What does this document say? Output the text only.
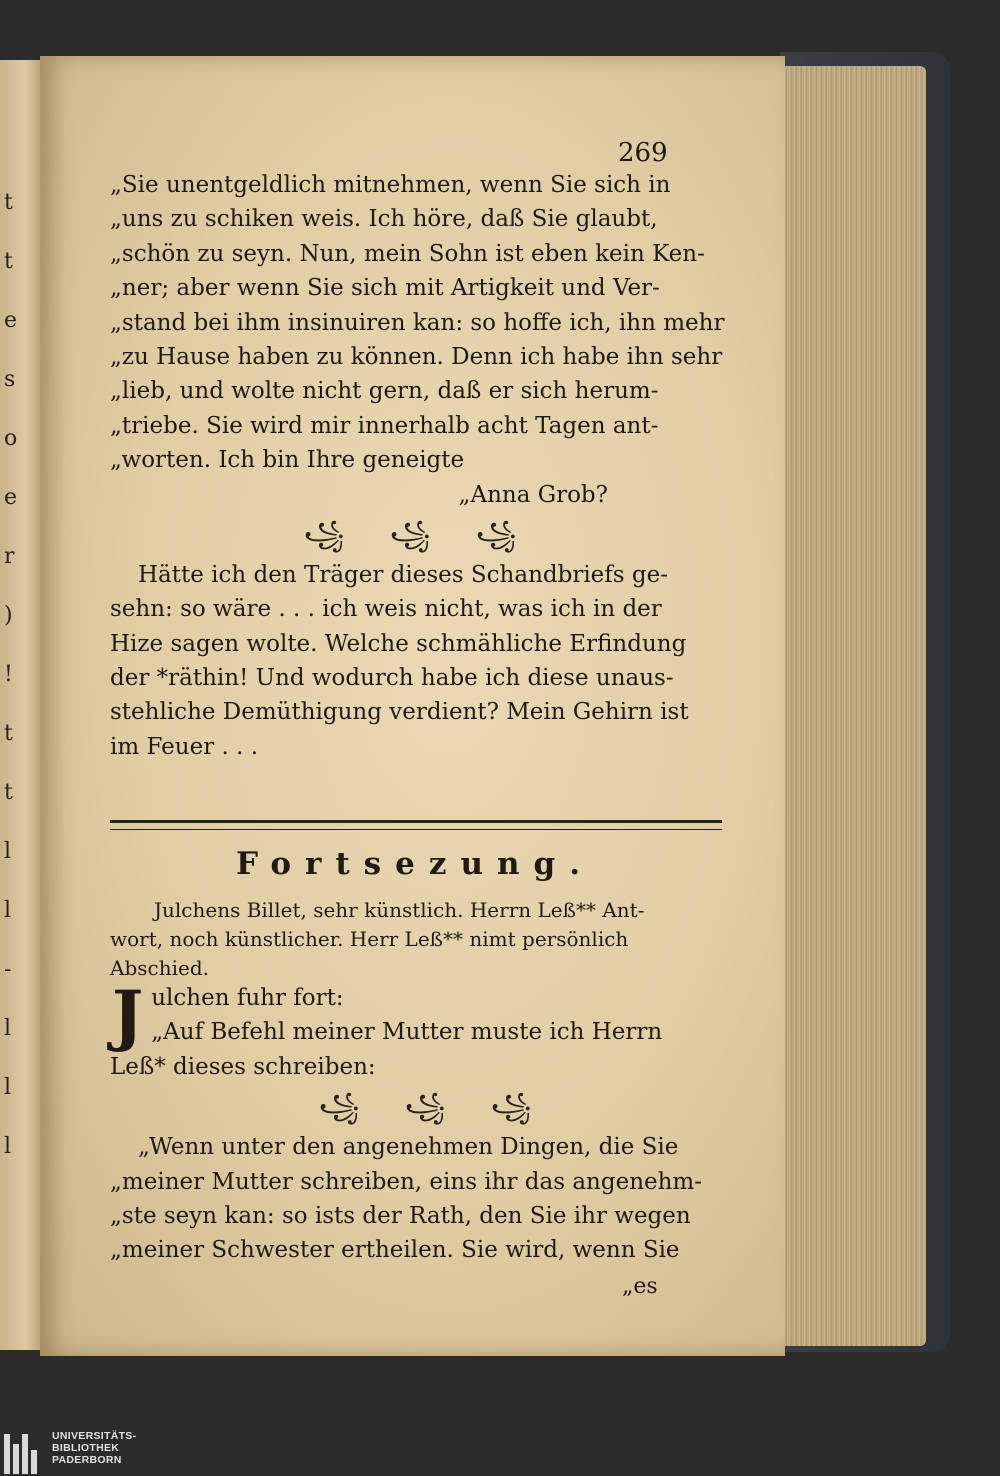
t
t
e
s
o
e
r
)
!
t
t
l
l
-
l
l
l
269
„Sie unentgeldlich mitnehmen, wenn Sie sich in
„uns zu schiken weis. Ich höre, daß Sie glaubt,
„schön zu seyn. Nun, mein Sohn ist eben kein Ken-
„ner; aber wenn Sie sich mit Artigkeit und Ver-
„stand bei ihm insinuiren kan: so hoffe ich, ihn mehr
„zu Hause haben zu können. Denn ich habe ihn sehr
„lieb, und wolte nicht gern, daß er sich herum-
„triebe. Sie wird mir innerhalb acht Tagen ant-
„worten. Ich bin Ihre geneigte
„Anna Grob?
꧁ ꧁ ꧁
Hätte ich den Träger dieses Schandbriefs ge-
sehn: so wäre . . . ich weis nicht, was ich in der
Hize sagen wolte. Welche schmähliche Erfindung
der *räthin! Und wodurch habe ich diese unaus-
stehliche Demüthigung verdient? Mein Gehirn ist
im Feuer . . .
Fortsezung.
Julchens Billet, sehr künstlich. Herrn Leß** Ant-
wort, noch künstlicher. Herr Leß** nimt persönlich
Abschied.
J ulchen fuhr fort:
„Auf Befehl meiner Mutter muste ich Herrn
Leß* dieses schreiben:
꧁ ꧁ ꧁
„Wenn unter den angenehmen Dingen, die Sie
„meiner Mutter schreiben, eins ihr das angenehm-
„ste seyn kan: so ists der Rath, den Sie ihr wegen
„meiner Schwester ertheilen. Sie wird, wenn Sie
„es
UNIVERSITÄTS-
BIBLIOTHEK
PADERBORN
